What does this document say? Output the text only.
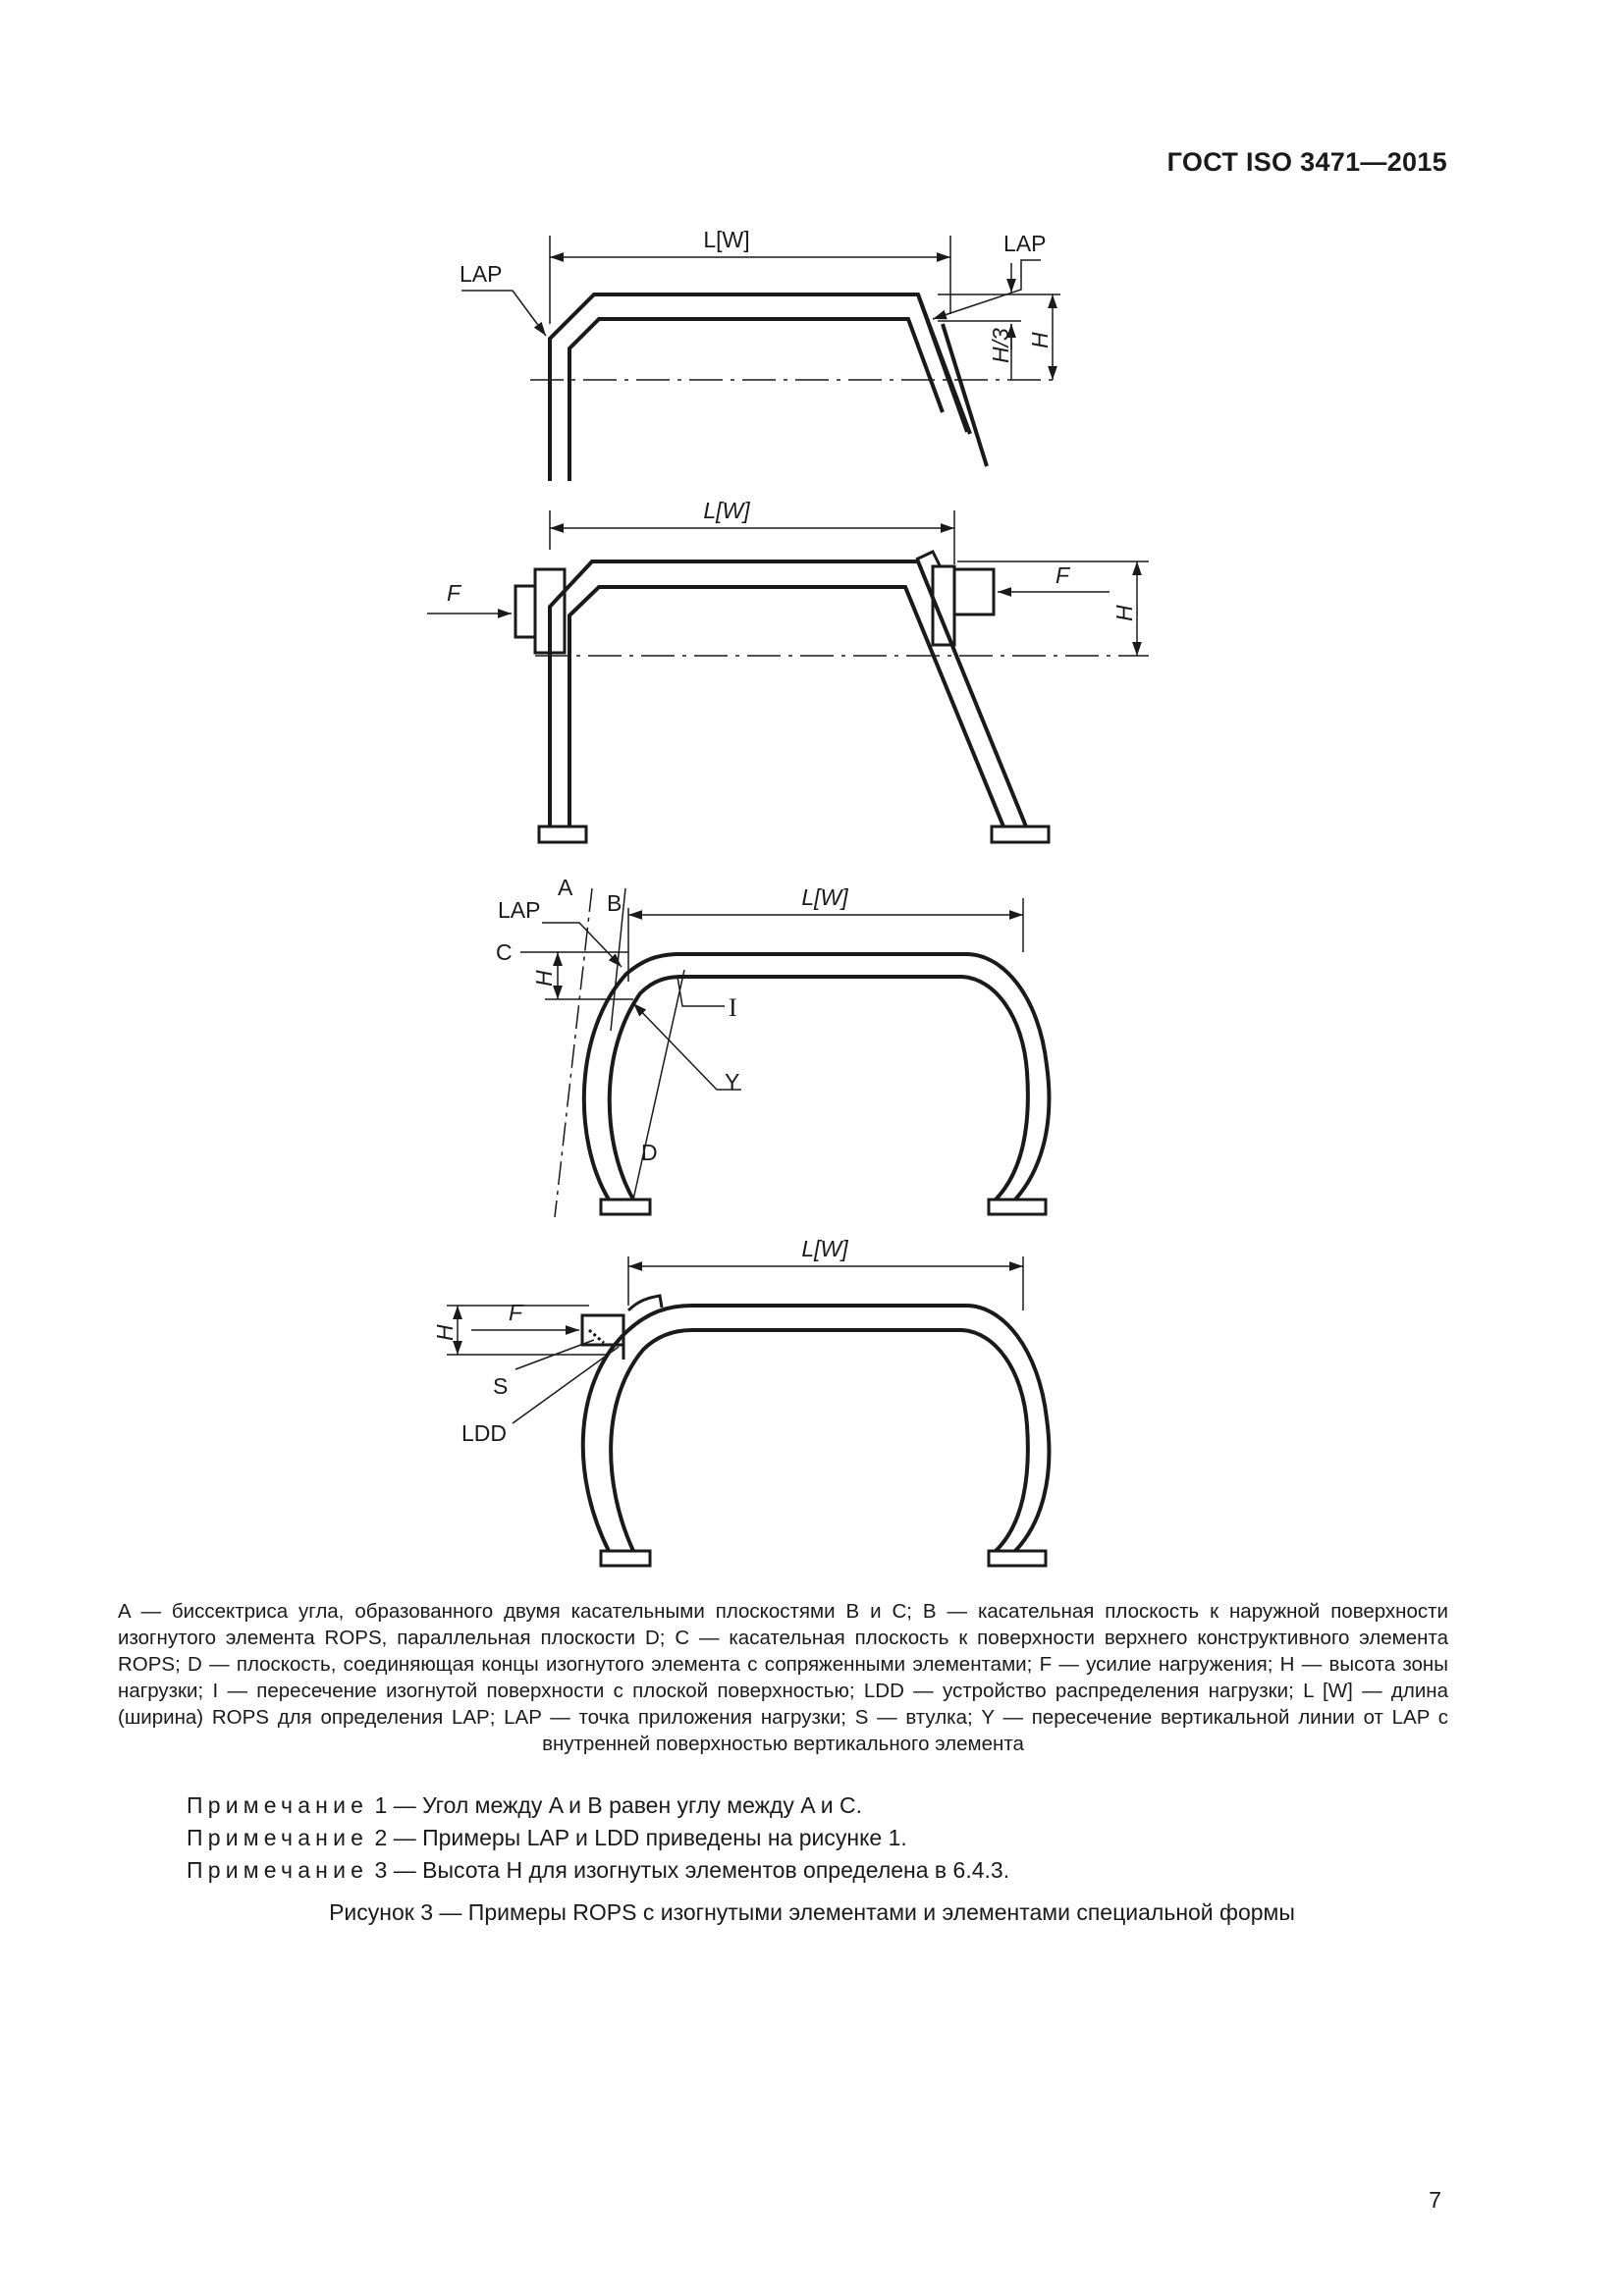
ГОСТ ISO 3471—2015
L[W]
LAP
LAP
H/3 H
L[W]
F
F
H
A
B
LAP
C
H
L[W]
I
Y
D
L[W]
H
F
S
LDD
A — биссектриса угла, образованного двумя касательными плоскостями B и C; B — касательная плоскость к наружной поверхности изогнутого элемента ROPS, параллельная плоскости D; C — касательная плоскость к поверхности верхнего конструктивного элемента ROPS; D — плоскость, соединяющая концы изогнутого элемента с сопряженными элементами; F — усилие нагружения; H — высота зоны нагрузки; I — пересечение изогнутой поверхности с плоской поверхностью; LDD — устройство распределения нагрузки; L [W] — длина (ширина) ROPS для определения LAP; LAP — точка приложения нагрузки; S — втулка; Y — пересечение вертикальной линии от LAP с внутренней поверхностью вертикального элемента
Примечание 1 — Угол между A и B равен углу между A и C.
Примечание 2 — Примеры LAP и LDD приведены на рисунке 1.
Примечание 3 — Высота H для изогнутых элементов определена в 6.4.3.
Рисунок 3 — Примеры ROPS с изогнутыми элементами и элементами специальной формы
7
